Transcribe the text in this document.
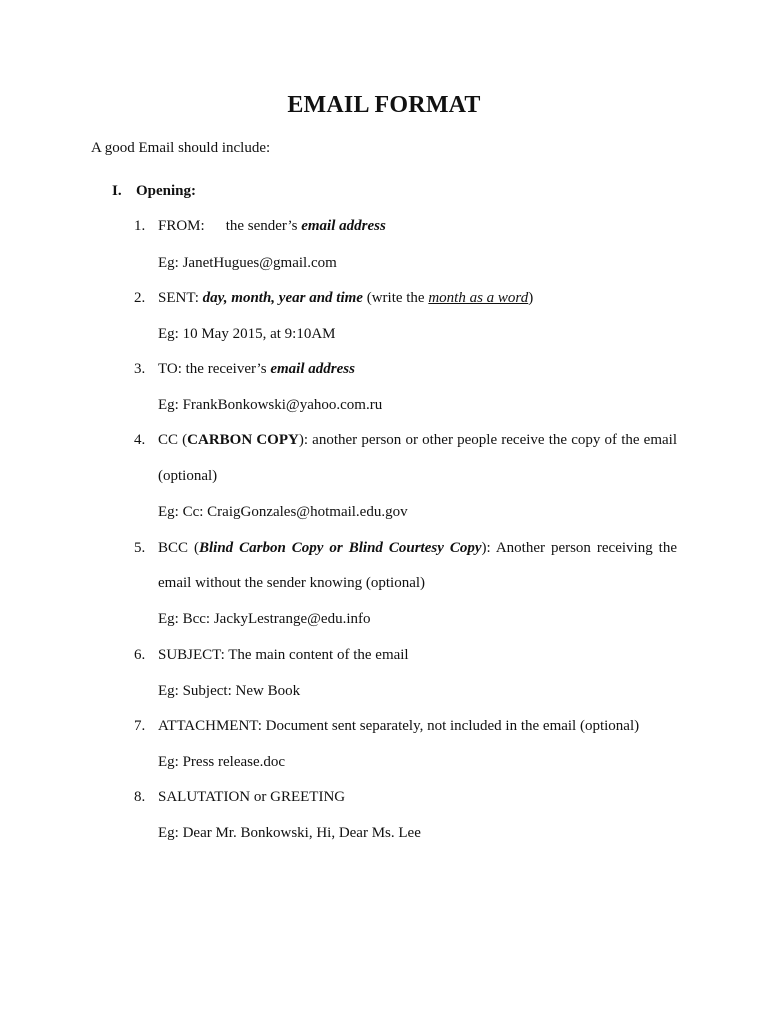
EMAIL FORMAT

A good Email should include:

I. Opening:
1. FROM: the sender’s email address
Eg: JanetHugues@gmail.com
2. SENT: day, month, year and time (write the month as a word)
Eg: 10 May 2015, at 9:10AM
3. TO: the receiver’s email address
Eg: FrankBonkowski@yahoo.com.ru
4. CC (CARBON COPY): another person or other people receive the copy of the email
(optional)
Eg: Cc: CraigGonzales@hotmail.edu.gov
5. BCC (Blind Carbon Copy or Blind Courtesy Copy): Another person receiving the
email without the sender knowing (optional)
Eg: Bcc: JackyLestrange@edu.info
6. SUBJECT: The main content of the email
Eg: Subject: New Book
7. ATTACHMENT: Document sent separately, not included in the email (optional)
Eg: Press release.doc
8. SALUTATION or GREETING
Eg: Dear Mr. Bonkowski, Hi, Dear Ms. Lee
